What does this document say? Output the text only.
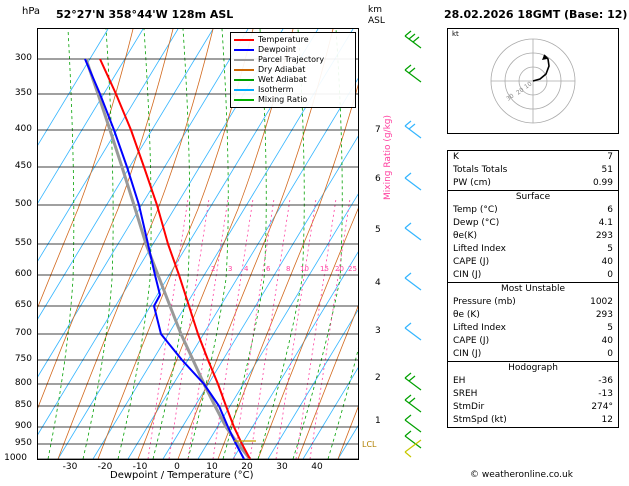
hPa 52°27'N 358°44'W 128m ASL	km
ASL	28.02.2026 18GMT (Base: 12)
Temperature
Dewpoint
Parcel Trajectory
Dry Adiabat
Wet Adiabat
Isotherm
Mixing Ratio
300
350
400
450
500
550
600
650
700
750
800
850
900
950
1000
-30	-20	-10	0	10	20	30	40
Dewpoint / Temperature (°C)
2 3 4	6 8 10 15 20 25
Mixing Ratio (g/kg)
LCL
7
6
5
4
3
2
1
30
20
10
kt
K	7
Totals Totals	51
PW (cm)	0.99
Surface
Temp (°C)	6
Dewp (°C)	4.1
θe(K)	293
Lifted Index	5
CAPE (J)	40
CIN (J)	0
Most Unstable
Pressure (mb)	1002
θe (K)	293
Lifted Index	5
CAPE (J)	40
CIN (J)	0
Hodograph
EH	-36
SREH	-13
StmDir	274°
StmSpd (kt)	12
© weatheronline.co.uk
